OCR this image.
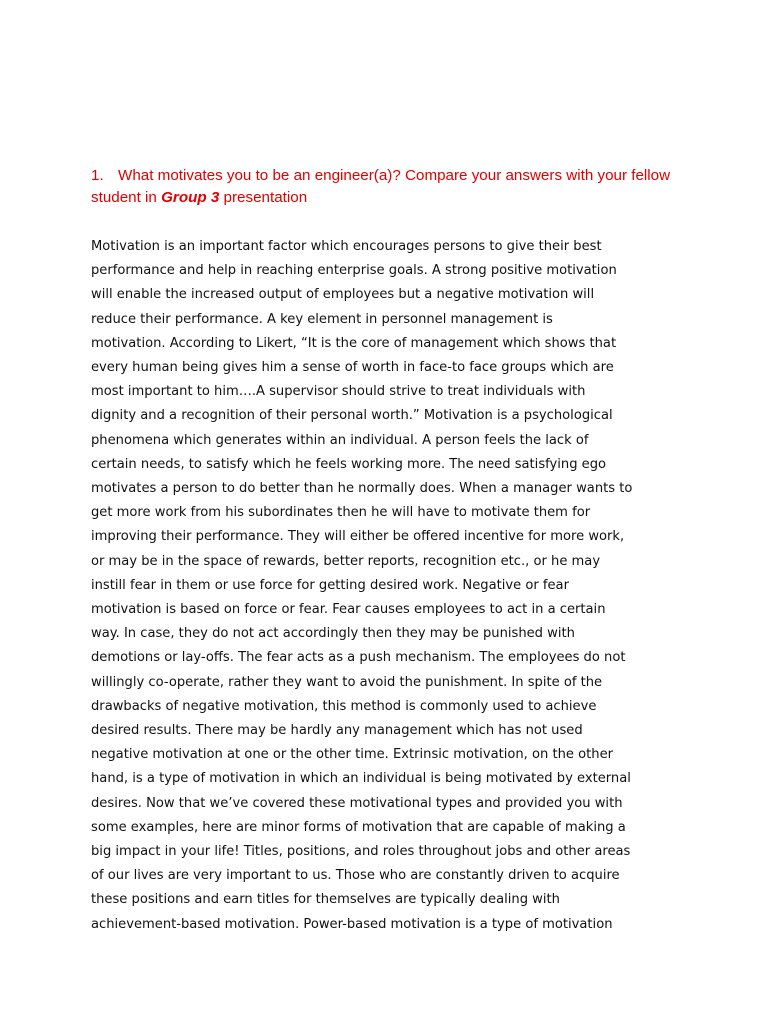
1. What motivates you to be an engineer(a)? Compare your answers with your fellow student in Group 3 presentation

Motivation is an important factor which encourages persons to give their best
performance and help in reaching enterprise goals. A strong positive motivation
will enable the increased output of employees but a negative motivation will
reduce their performance. A key element in personnel management is
motivation. According to Likert, “It is the core of management which shows that
every human being gives him a sense of worth in face-to face groups which are
most important to him….A supervisor should strive to treat individuals with
dignity and a recognition of their personal worth.” Motivation is a psychological
phenomena which generates within an individual. A person feels the lack of
certain needs, to satisfy which he feels working more. The need satisfying ego
motivates a person to do better than he normally does. When a manager wants to
get more work from his subordinates then he will have to motivate them for
improving their performance. They will either be offered incentive for more work,
or may be in the space of rewards, better reports, recognition etc., or he may
instill fear in them or use force for getting desired work. Negative or fear
motivation is based on force or fear. Fear causes employees to act in a certain
way. In case, they do not act accordingly then they may be punished with
demotions or lay-offs. The fear acts as a push mechanism. The employees do not
willingly co-operate, rather they want to avoid the punishment. In spite of the
drawbacks of negative motivation, this method is commonly used to achieve
desired results. There may be hardly any management which has not used
negative motivation at one or the other time. Extrinsic motivation, on the other
hand, is a type of motivation in which an individual is being motivated by external
desires. Now that we’ve covered these motivational types and provided you with
some examples, here are minor forms of motivation that are capable of making a
big impact in your life! Titles, positions, and roles throughout jobs and other areas
of our lives are very important to us. Those who are constantly driven to acquire
these positions and earn titles for themselves are typically dealing with
achievement-based motivation. Power-based motivation is a type of motivation
